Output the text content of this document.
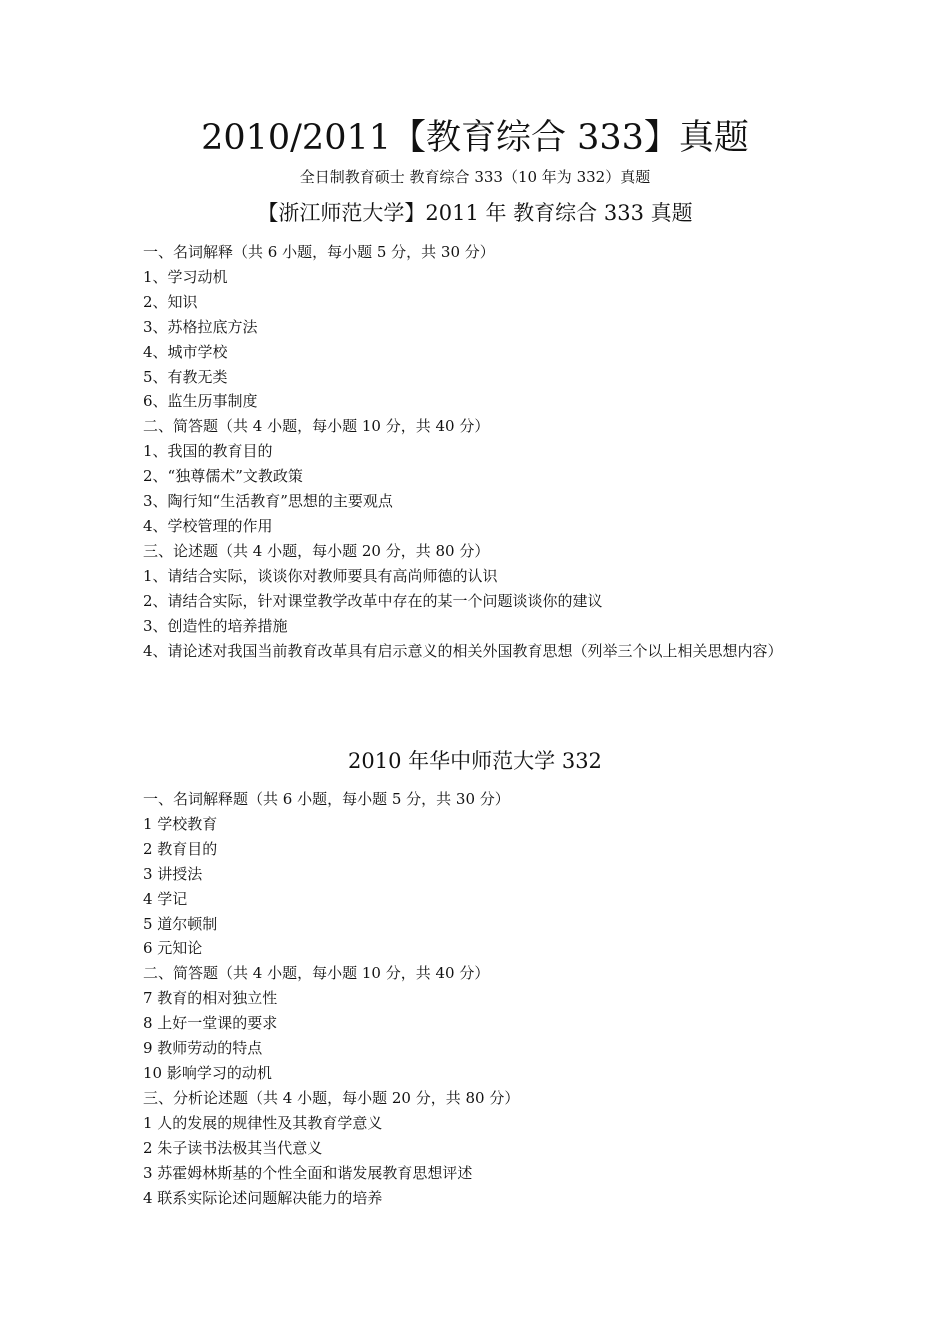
2010/2011【教育综合 333】真题

全日制教育硕士 教育综合 333（10 年为 332）真题

【浙江师范大学】2011 年 教育综合 333 真题
一、名词解释（共 6 小题，每小题 5 分，共 30 分）
1、学习动机
2、知识
3、苏格拉底方法
4、城市学校
5、有教无类
6、监生历事制度
二、简答题（共 4 小题，每小题 10 分，共 40 分）
1、我国的教育目的
2、“独尊儒术”文教政策
3、陶行知“生活教育”思想的主要观点
4、学校管理的作用
三、论述题（共 4 小题，每小题 20 分，共 80 分）
1、请结合实际，谈谈你对教师要具有高尚师德的认识
2、请结合实际，针对课堂教学改革中存在的某一个问题谈谈你的建议
3、创造性的培养措施
4、请论述对我国当前教育改革具有启示意义的相关外国教育思想（列举三个以上相关思想内容）
2010 年华中师范大学 332
一、名词解释题（共 6 小题，每小题 5 分，共 30 分）
1 学校教育
2 教育目的
3 讲授法
4 学记
5 道尔顿制
6 元知论
二、简答题（共 4 小题，每小题 10 分，共 40 分）
7 教育的相对独立性
8 上好一堂课的要求
9 教师劳动的特点
10 影响学习的动机
三、分析论述题（共 4 小题，每小题 20 分，共 80 分）
1 人的发展的规律性及其教育学意义
2 朱子读书法极其当代意义
3 苏霍姆林斯基的个性全面和谐发展教育思想评述
4 联系实际论述问题解决能力的培养
